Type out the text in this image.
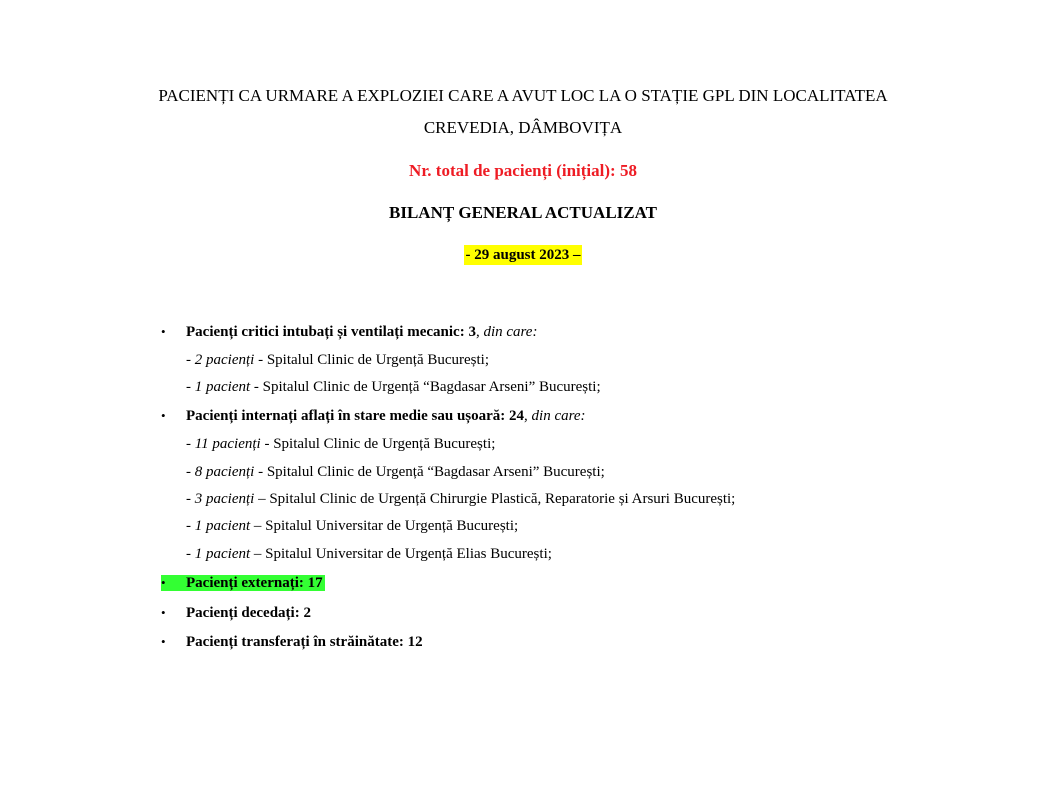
PACIENȚI CA URMARE A EXPLOZIEI CARE A AVUT LOC LA O STAȚIE GPL DIN LOCALITATEA
CREVEDIA, DÂMBOVIȚA
Nr. total de pacienți (inițial): 58
BILANȚ GENERAL ACTUALIZAT
- 29 august 2023 –
• Pacienți critici intubați și ventilați mecanic: 3, din care:
- 2 pacienți - Spitalul Clinic de Urgență București;
- 1 pacient - Spitalul Clinic de Urgență “Bagdasar Arseni” București;
• Pacienți internați aflați în stare medie sau ușoară: 24, din care:
- 11 pacienți - Spitalul Clinic de Urgență București;
- 8 pacienți - Spitalul Clinic de Urgență “Bagdasar Arseni” București;
- 3 pacienți – Spitalul Clinic de Urgență Chirurgie Plastică, Reparatorie și Arsuri București;
- 1 pacient – Spitalul Universitar de Urgență București;
- 1 pacient – Spitalul Universitar de Urgență Elias București;
• Pacienți externați: 17
• Pacienți decedați: 2
• Pacienți transferați în străinătate: 12
